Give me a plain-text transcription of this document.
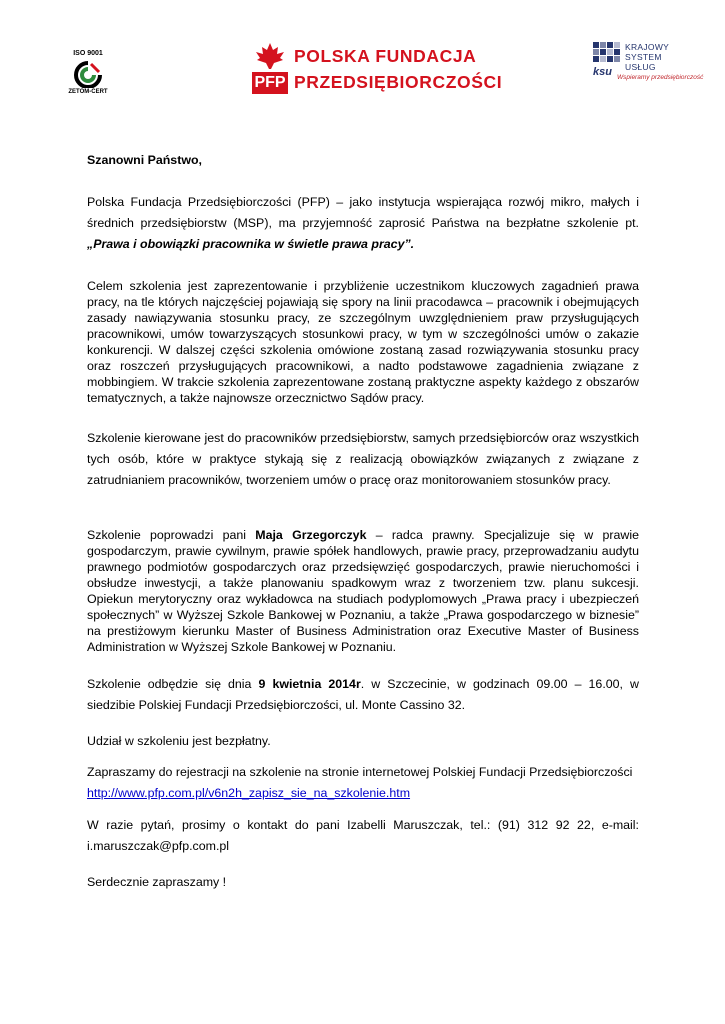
ISO 9001
ZETOM-CERT
PFP
POLSKA FUNDACJA
PRZEDSIĘBIORCZOŚCI	ksu
KRAJOWY
SYSTEM
USŁUG
Wspieramy przedsiębiorczość
Szanowni Państwo,
Polska Fundacja Przedsiębiorczości (PFP) – jako instytucja wspierająca rozwój mikro, małych i średnich przedsiębiorstw (MSP), ma przyjemność zaprosić Państwa na bezpłatne szkolenie pt. „Prawa i obowiązki pracownika w świetle prawa pracy”.
Celem szkolenia jest zaprezentowanie i przybliżenie uczestnikom kluczowych zagadnień prawa pracy, na tle których najczęściej pojawiają się spory na linii pracodawca – pracownik i obejmujących zasady nawiązywania stosunku pracy, ze szczególnym uwzględnieniem praw przysługujących pracownikowi, umów towarzyszących stosunkowi pracy, w tym w szczególności umów o zakazie konkurencji. W dalszej części szkolenia omówione zostaną zasad rozwiązywania stosunku pracy oraz roszczeń przysługujących pracownikowi, a nadto podstawowe zagadnienia związane z mobbingiem. W trakcie szkolenia zaprezentowane zostaną praktyczne aspekty każdego z obszarów tematycznych, a także najnowsze orzecznictwo Sądów pracy.
Szkolenie kierowane jest do pracowników przedsiębiorstw, samych przedsiębiorców oraz wszystkich tych osób, które w praktyce stykają się z realizacją obowiązków związanych z związane z zatrudnianiem pracowników, tworzeniem umów o pracę oraz monitorowaniem stosunków pracy.
Szkolenie poprowadzi pani Maja Grzegorczyk – radca prawny. Specjalizuje się w prawie gospodarczym, prawie cywilnym, prawie spółek handlowych, prawie pracy, przeprowadzaniu audytu prawnego podmiotów gospodarczych oraz przedsięwzięć gospodarczych, prawie nieruchomości i obsłudze inwestycji, a także planowaniu spadkowym wraz z tworzeniem tzw. planu sukcesji. Opiekun merytoryczny oraz wykładowca na studiach podyplomowych „Prawa pracy i ubezpieczeń społecznych” w Wyższej Szkole Bankowej w Poznaniu, a także „Prawa gospodarczego w biznesie” na prestiżowym kierunku Master of Business Administration oraz Executive Master of Business Administration w Wyższej Szkole Bankowej w Poznaniu.
Szkolenie odbędzie się dnia 9 kwietnia 2014r. w Szczecinie, w godzinach 09.00 – 16.00, w siedzibie Polskiej Fundacji Przedsiębiorczości, ul. Monte Cassino 32.
Udział w szkoleniu jest bezpłatny.
Zapraszamy do rejestracji na szkolenie na stronie internetowej Polskiej Fundacji Przedsiębiorczości
http://www.pfp.com.pl/v6n2h_zapisz_sie_na_szkolenie.htm
W razie pytań, prosimy o kontakt do pani Izabelli Maruszczak, tel.: (91) 312 92 22, e-mail: i.maruszczak@pfp.com.pl
Serdecznie zapraszamy !
